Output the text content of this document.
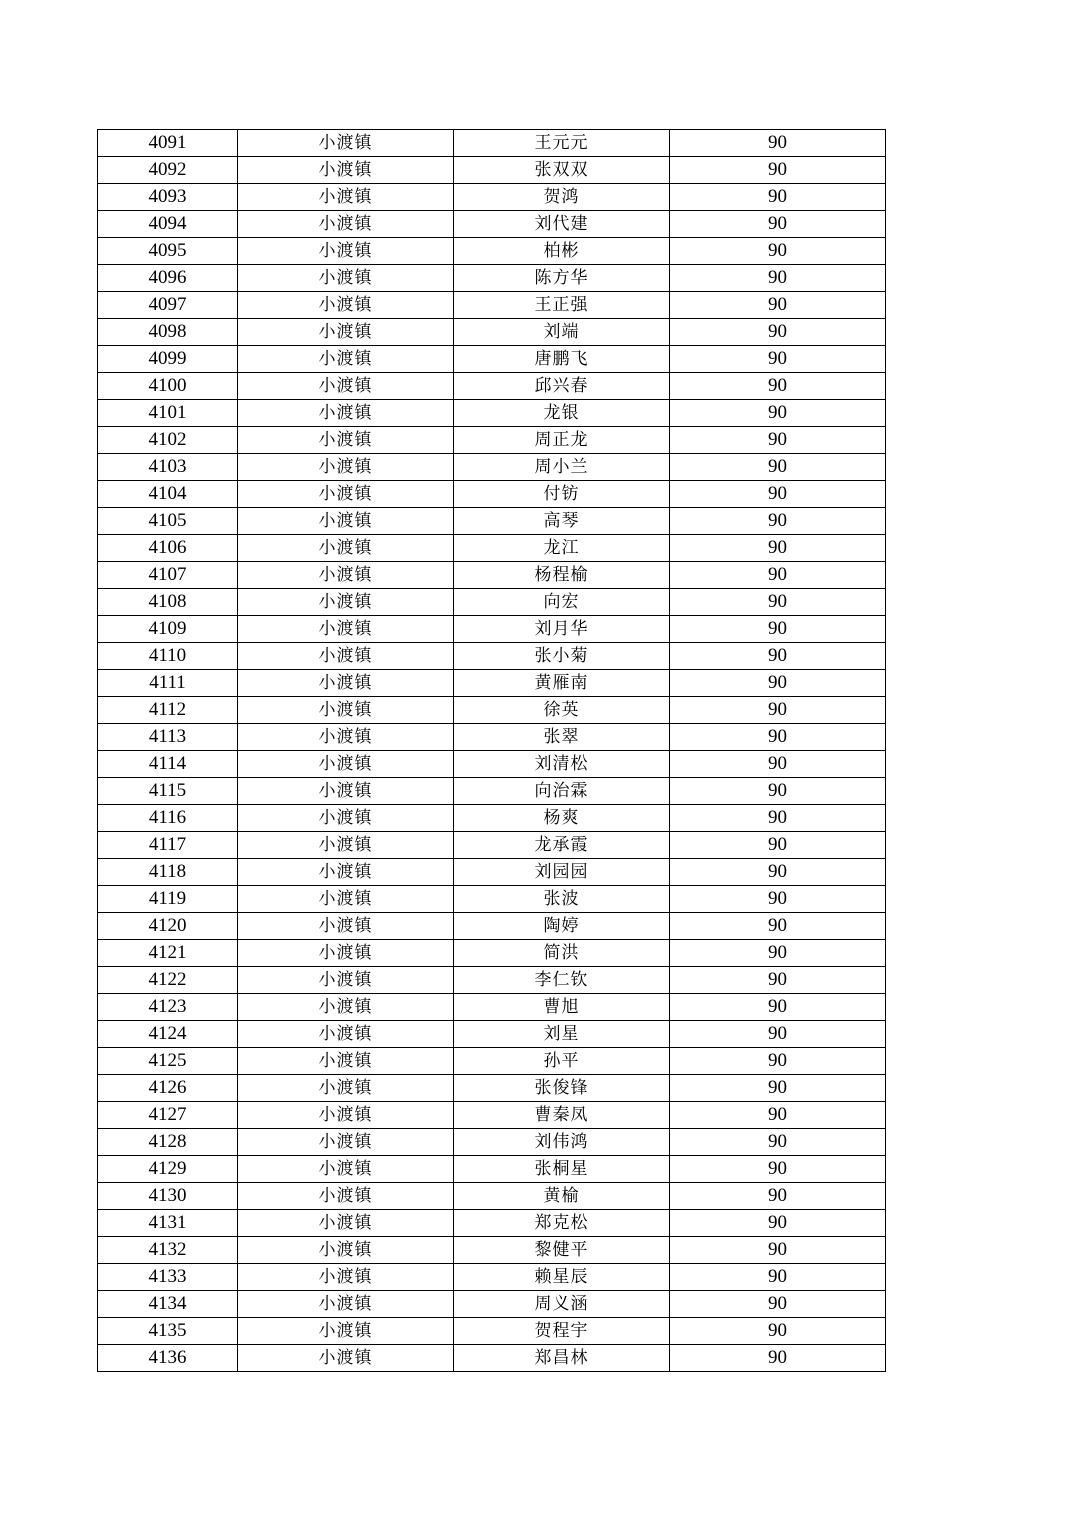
4091	小渡镇	王元元	90
4092	小渡镇	张双双	90
4093	小渡镇	贺鸿	90
4094	小渡镇	刘代建	90
4095	小渡镇	柏彬	90
4096	小渡镇	陈方华	90
4097	小渡镇	王正强	90
4098	小渡镇	刘端	90
4099	小渡镇	唐鹏飞	90
4100	小渡镇	邱兴春	90
4101	小渡镇	龙银	90
4102	小渡镇	周正龙	90
4103	小渡镇	周小兰	90
4104	小渡镇	付钫	90
4105	小渡镇	高琴	90
4106	小渡镇	龙江	90
4107	小渡镇	杨程榆	90
4108	小渡镇	向宏	90
4109	小渡镇	刘月华	90
4110	小渡镇	张小菊	90
4111	小渡镇	黄雁南	90
4112	小渡镇	徐英	90
4113	小渡镇	张翠	90
4114	小渡镇	刘清松	90
4115	小渡镇	向治霖	90
4116	小渡镇	杨爽	90
4117	小渡镇	龙承霞	90
4118	小渡镇	刘园园	90
4119	小渡镇	张波	90
4120	小渡镇	陶婷	90
4121	小渡镇	简洪	90
4122	小渡镇	李仁钦	90
4123	小渡镇	曹旭	90
4124	小渡镇	刘星	90
4125	小渡镇	孙平	90
4126	小渡镇	张俊锋	90
4127	小渡镇	曹秦凤	90
4128	小渡镇	刘伟鸿	90
4129	小渡镇	张桐星	90
4130	小渡镇	黄榆	90
4131	小渡镇	郑克松	90
4132	小渡镇	黎健平	90
4133	小渡镇	赖星辰	90
4134	小渡镇	周义涵	90
4135	小渡镇	贺程宇	90
4136	小渡镇	郑昌林	90
